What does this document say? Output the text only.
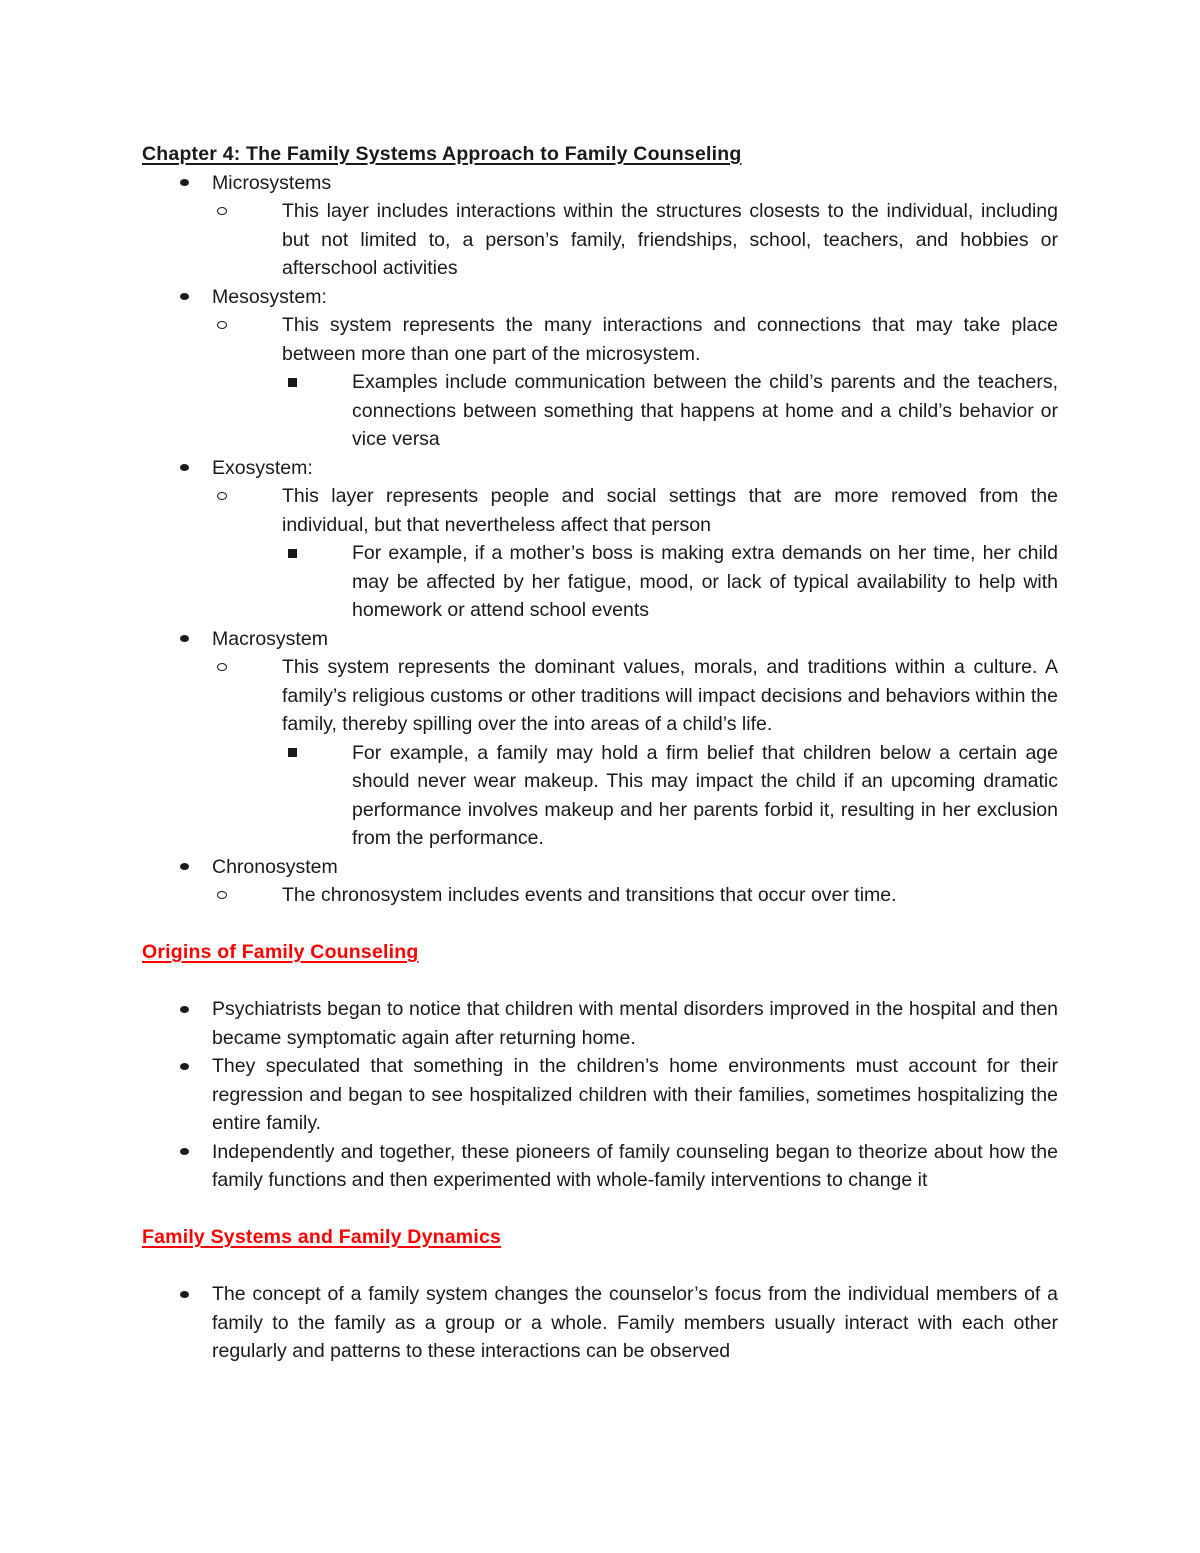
Chapter 4: The Family Systems Approach to Family Counseling
Microsystems
This layer includes interactions within the structures closests to the individual, including but not limited to, a person’s family, friendships, school, teachers, and hobbies or afterschool activities
Mesosystem:
This system represents the many interactions and connections that may take place between more than one part of the microsystem.
Examples include communication between the child’s parents and the teachers, connections between something that happens at home and a child’s behavior or vice versa
Exosystem:
This layer represents people and social settings that are more removed from the individual, but that nevertheless affect that person
For example, if a mother’s boss is making extra demands on her time, her child may be affected by her fatigue, mood, or lack of typical availability to help with homework or attend school events
Macrosystem
This system represents the dominant values, morals, and traditions within a culture. A family’s religious customs or other traditions will impact decisions and behaviors within the family, thereby spilling over the into areas of a child’s life.
For example, a family may hold a firm belief that children below a certain age should never wear makeup. This may impact the child if an upcoming dramatic performance involves makeup and her parents forbid it, resulting in her exclusion from the performance.
Chronosystem
The chronosystem includes events and transitions that occur over time.
Origins of Family Counseling
Psychiatrists began to notice that children with mental disorders improved in the hospital and then became symptomatic again after returning home.
They speculated that something in the children’s home environments must account for their regression and began to see hospitalized children with their families, sometimes hospitalizing the entire family.
Independently and together, these pioneers of family counseling began to theorize about how the family functions and then experimented with whole-family interventions to change it
Family Systems and Family Dynamics
The concept of a family system changes the counselor’s focus from the individual members of a family to the family as a group or a whole. Family members usually interact with each other regularly and patterns to these interactions can be observed
